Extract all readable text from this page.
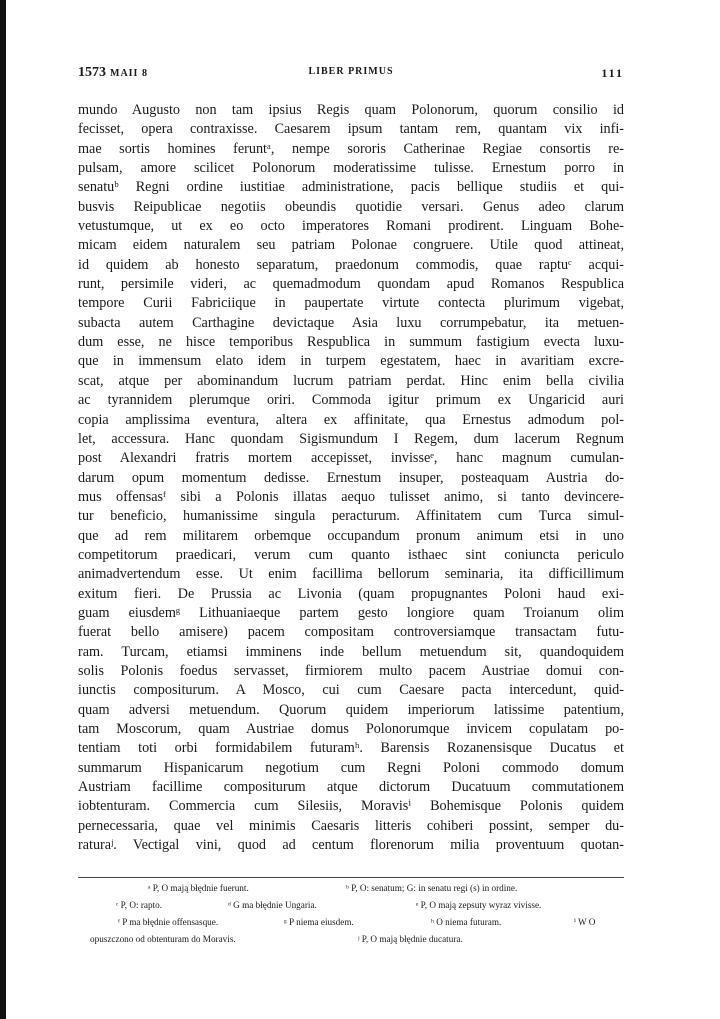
1573 MAII 8	LIBER PRIMUS	111
mundo Augusto non tam ipsius Regis quam Polonorum, quorum consilio id
fecisset, opera contraxisse. Caesarem ipsum tantam rem, quantam vix infi-
mae sortis homines feruntᵃ, nempe sororis Catherinae Regiae consortis re-
pulsam, amore scilicet Polonorum moderatissime tulisse. Ernestum porro in
senatuᵇ Regni ordine iustitiae administratione, pacis bellique studiis et qui-
busvis Reipublicae negotiis obeundis quotidie versari. Genus adeo clarum
vetustumque, ut ex eo octo imperatores Romani prodirent. Linguam Bohe-
micam eidem naturalem seu patriam Polonae congruere. Utile quod attineat,
id quidem ab honesto separatum, praedonum commodis, quae raptuᶜ acqui-
runt, persimile videri, ac quemadmodum quondam apud Romanos Respublica
tempore Curii Fabriciique in paupertate virtute contecta plurimum vigebat,
subacta autem Carthagine devictaque Asia luxu corrumpebatur, ita metuen-
dum esse, ne hisce temporibus Respublica in summum fastigium evecta luxu-
que in immensum elato idem in turpem egestatem, haec in avaritiam excre-
scat, atque per abominandum lucrum patriam perdat. Hinc enim bella civilia
ac tyrannidem plerumque oriri. Commoda igitur primum ex Ungaricid auri
copia amplissima eventura, altera ex affinitate, qua Ernestus admodum pol-
let, accessura. Hanc quondam Sigismundum I Regem, dum lacerum Regnum
post Alexandri fratris mortem accepisset, invisseᵉ, hanc magnum cumulan-
darum opum momentum dedisse. Ernestum insuper, posteaquam Austria do-
mus offensasᶠ sibi a Polonis illatas aequo tulisset animo, si tanto devincere-
tur beneficio, humanissime singula peracturum. Affinitatem cum Turca simul-
que ad rem militarem orbemque occupandum pronum animum etsi in uno
competitorum praedicari, verum cum quanto isthaec sint coniuncta periculo
animadvertendum esse. Ut enim facillima bellorum seminaria, ita difficillimum
exitum fieri. De Prussia ac Livonia (quam propugnantes Poloni haud exi-
guam eiusdemᵍ Lithuaniaeque partem gesto longiore quam Troianum olim
fuerat bello amisere) pacem compositam controversiamque transactam futu-
ram. Turcam, etiamsi imminens inde bellum metuendum sit, quandoquidem
solis Polonis foedus servasset, firmiorem multo pacem Austriae domui con-
iunctis compositurum. A Mosco, cui cum Caesare pacta intercedunt, quid-
quam adversi metuendum. Quorum quidem imperiorum latissime patentium,
tam Moscorum, quam Austriae domus Polonorumque invicem copulatam po-
tentiam toti orbi formidabilem futuramʰ. Barensis Rozanensisque Ducatus et
summarum Hispanicarum negotium cum Regni Poloni commodo domum
Austriam facillime compositurum atque dictorum Ducatuum commutationem
iobtenturam. Commercia cum Silesiis, Moravisⁱ Bohemisque Polonis quidem
pernecessaria, quae vel minimis Caesaris litteris cohiberi possint, semper du-
raturaʲ. Vectigal vini, quod ad centum florenorum milia proventuum quotan-
ᵃ P, O mają błędnie fuerunt.	ᵇ P, O: senatum; G: in senatu regi (s) in ordine.
ᶜ P, O: rapto.	ᵈ G ma błędnie Ungaria.	ᵉ P, O mają zepsuty wyraz vivisse.
ᶠ P ma błędnie offensasque.	ᵍ P niema eiusdem.	ʰ O niema futuram.	ⁱ W O
opuszczono od obtenturam do Moravis.	ʲ P, O mają błędnie ducatura.
